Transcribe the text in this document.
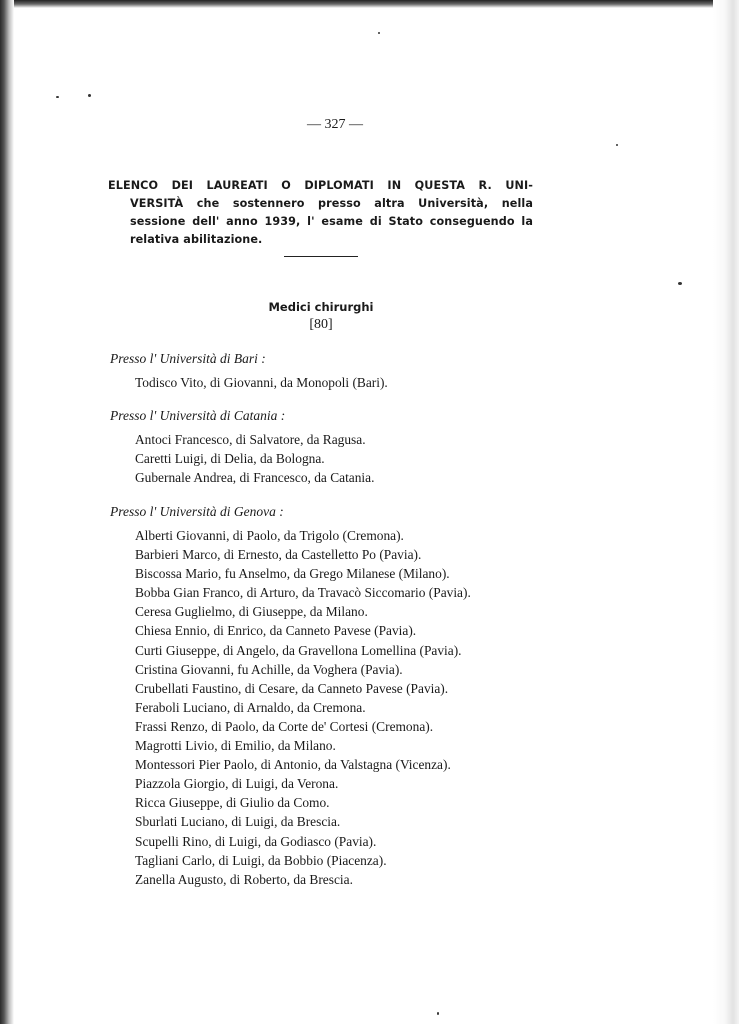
— 327 —
ELENCO DEI LAUREATI O DIPLOMATI IN QUESTA R. UNI-
VERSITÀ che sostennero presso altra Università, nella
sessione dell' anno 1939, l' esame di Stato conseguendo la
relativa abilitazione.
Medici chirurghi
[80]
Presso l' Università di Bari :
Todisco Vito, di Giovanni, da Monopoli (Bari).
Presso l' Università di Catania :
Antoci Francesco, di Salvatore, da Ragusa.
Caretti Luigi, di Delia, da Bologna.
Gubernale Andrea, di Francesco, da Catania.
Presso l' Università di Genova :
Alberti Giovanni, di Paolo, da Trigolo (Cremona).
Barbieri Marco, di Ernesto, da Castelletto Po (Pavia).
Biscossa Mario, fu Anselmo, da Grego Milanese (Milano).
Bobba Gian Franco, di Arturo, da Travacò Siccomario (Pavia).
Ceresa Guglielmo, di Giuseppe, da Milano.
Chiesa Ennio, di Enrico, da Canneto Pavese (Pavia).
Curti Giuseppe, di Angelo, da Gravellona Lomellina (Pavia).
Cristina Giovanni, fu Achille, da Voghera (Pavia).
Crubellati Faustino, di Cesare, da Canneto Pavese (Pavia).
Feraboli Luciano, di Arnaldo, da Cremona.
Frassi Renzo, di Paolo, da Corte de' Cortesi (Cremona).
Magrotti Livio, di Emilio, da Milano.
Montessori Pier Paolo, di Antonio, da Valstagna (Vicenza).
Piazzola Giorgio, di Luigi, da Verona.
Ricca Giuseppe, di Giulio da Como.
Sburlati Luciano, di Luigi, da Brescia.
Scupelli Rino, di Luigi, da Godiasco (Pavia).
Tagliani Carlo, di Luigi, da Bobbio (Piacenza).
Zanella Augusto, di Roberto, da Brescia.
